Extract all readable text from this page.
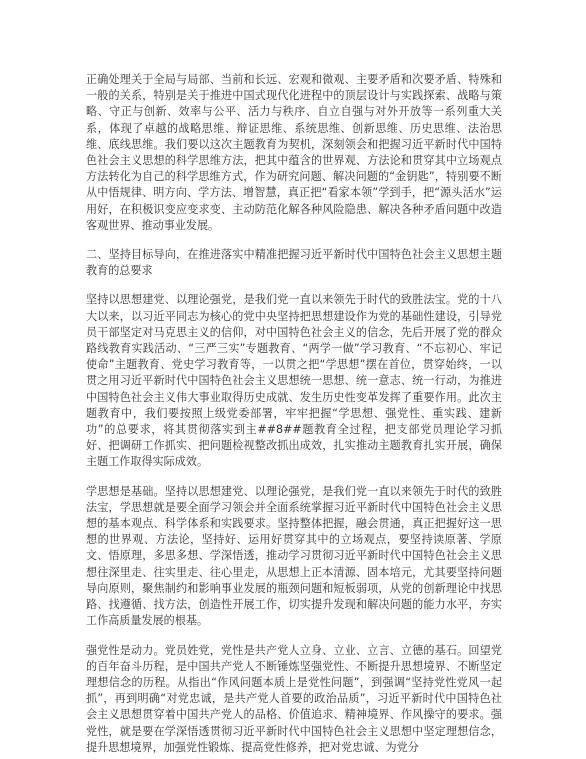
正确处理关于全局与局部、当前和长远、宏观和微观、主要矛盾和次要矛盾、特殊和一般的关系，特别是关于推进中国式现代化进程中的顶层设计与实践探索、战略与策略、守正与创新、效率与公平、活力与秩序、自立自强与对外开放等一系列重大关系，体现了卓越的战略思维、辩证思维、系统思维、创新思维、历史思维、法治思维、底线思维。我们要以这次主题教育为契机，深刻领会和把握习近平新时代中国特色社会主义思想的科学思维方法，把其中蕴含的世界观、方法论和贯穿其中立场观点方法转化为自己的科学思维方式，作为研究问题、解决问题的“金钥匙”，特别要不断从中悟规律、明方向、学方法、增智慧，真正把“看家本领”学到手，把“源头活水”运用好，在积极识变应变求变、主动防范化解各种风险隐患、解决各种矛盾问题中改造客观世界、推动事业发展。

二、坚持目标导向，在推进落实中精准把握习近平新时代中国特色社会主义思想主题教育的总要求

坚持以思想建党、以理论强党，是我们党一直以来领先于时代的致胜法宝。党的十八大以来，以习近平同志为核心的党中央坚持把思想建设作为党的基础性建设，引导党员干部坚定对马克思主义的信仰，对中国特色社会主义的信念，先后开展了党的群众路线教育实践活动、“三严三实”专题教育、“两学一做”学习教育、“不忘初心、牢记使命”主题教育、党史学习教育等，一以贯之把“学思想”摆在首位，贯穿始终，一以贯之用习近平新时代中国特色社会主义思想统一思想、统一意志、统一行动，为推进中国特色社会主义伟大事业取得历史成就、发生历史性变革发挥了重要作用。此次主题教育中，我们要按照上级党委部署，牢牢把握“学思想、强党性、重实践、建新功”的总要求，将其贯彻落实到主##8##题教育全过程，把支部党员理论学习抓好、把调研工作抓实、把问题检视整改抓出成效，扎实推动主题教育扎实开展，确保主题工作取得实际成效。

学思想是基础。坚持以思想建党、以理论强党，是我们党一直以来领先于时代的致胜法宝，学思想就是要全面学习领会并全面系统掌握习近平新时代中国特色社会主义思想的基本观点、科学体系和实践要求。坚持整体把握，融会贯通，真正把握好这一思想的世界观、方法论，坚持好、运用好贯穿其中的立场观点，要坚持读原著、学原文、悟原理，多思多想、学深悟透，推动学习贯彻习近平新时代中国特色社会主义思想往深里走、往实里走、往心里走，从思想上正本清源、固本培元，尤其要坚持问题导向原则，聚焦制约和影响事业发展的瓶颈问题和短板弱项，从党的创新理论中找思路、找遵循、找方法，创造性开展工作，切实提升发现和解决问题的能力水平，夯实工作高质量发展的根基。

强党性是动力。党员姓党，党性是共产党人立身、立业、立言、立德的基石。回望党的百年奋斗历程，是中国共产党人不断锤炼坚强党性、不断提升思想境界、不断坚定理想信念的历程。从指出“作风问题本质上是党性问题”，到强调“坚持党性党风一起抓”，再到明确“对党忠诚，是共产党人首要的政治品质”，习近平新时代中国特色社会主义思想贯穿着中国共产党人的品格、价值追求、精神境界、作风操守的要求。强党性，就是要在学深悟透贯彻习近平新时代中国特色社会主义思想中坚定理想信念，提升思想境界，加强党性锻炼、提高党性修养，把对党忠诚、为党分
